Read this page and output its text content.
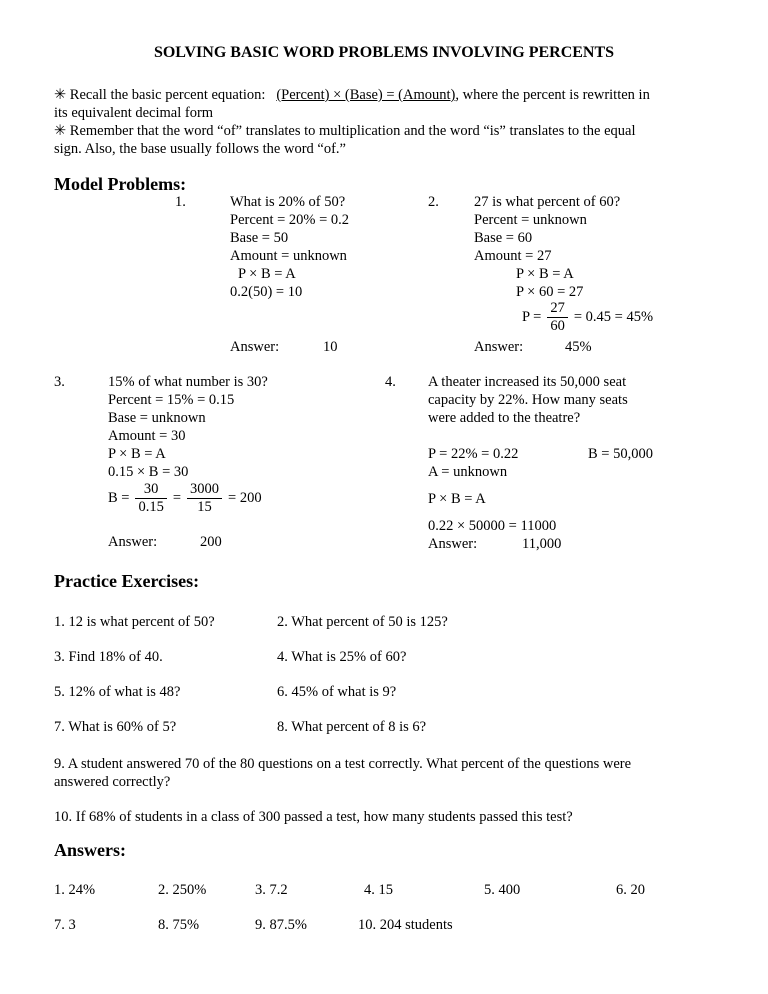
SOLVING BASIC WORD PROBLEMS INVOLVING PERCENTS
✳ Recall the basic percent equation: (Percent) × (Base) = (Amount), where the percent is rewritten in
its equivalent decimal form
✳ Remember that the word “of” translates to multiplication and the word “is” translates to the equal
sign. Also, the base usually follows the word “of.”
Model Problems:
1.	What is 20% of 50?
Percent = 20% = 0.2
Base = 50
Amount = unknown
P × B = A
0.2(50) = 10
Answer:	10
2. 27 is what percent of 60?
Percent = unknown
Base = 60
Amount = 27
P × B = A
P × 60 = 27
$P = \frac{27}{60} = 0.45 = 45\%$
Answer:	45%
3.	15% of what number is 30?
Percent = 15% = 0.15
Base = unknown
Amount = 30
P × B = A
0.15 × B = 30
$B = \frac{30}{0.15} = \frac{3000}{15} = 200$
Answer:	200
4. A theater increased its 50,000 seat
capacity by 22%. How many seats
were added to the theatre?
P = 22% = 0.22	B = 50,000
A = unknown
P × B = A
0.22 × 50000 = 11000
Answer:	11,000
Practice Exercises:
1. 12 is what percent of 50?	2. What percent of 50 is 125?
3. Find 18% of 40.	4. What is 25% of 60?
5. 12% of what is 48?	6. 45% of what is 9?
7. What is 60% of 5?	8. What percent of 8 is 6?
9. A student answered 70 of the 80 questions on a test correctly. What percent of the questions were
answered correctly?
10. If 68% of students in a class of 300 passed a test, how many students passed this test?
Answers:
1. 24%	2. 250%	3. 7.2	4. 15	5. 400	6. 20
7. 3	8. 75%	9. 87.5%	10. 204 students
